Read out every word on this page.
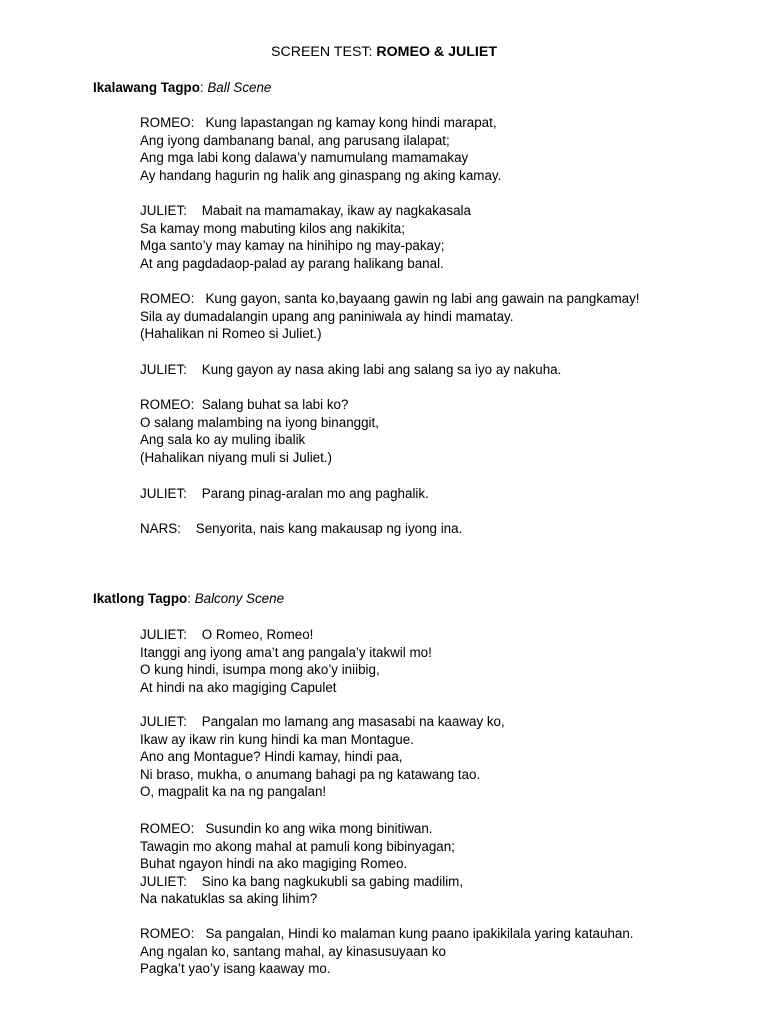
SCREEN TEST: ROMEO & JULIET
Ikalawang Tagpo: Ball Scene
ROMEO:   Kung lapastangan ng kamay kong hindi marapat,
Ang iyong dambanang banal, ang parusang ilalapat;
Ang mga labi kong dalawa’y namumulang mamamakay
Ay handang hagurin ng halik ang ginaspang ng aking kamay.
JULIET:    Mabait na mamamakay, ikaw ay nagkakasala
Sa kamay mong mabuting kilos ang nakikita;
Mga santo’y may kamay na hinihipo ng may-pakay;
At ang pagdadaop-palad ay parang halikang banal.
ROMEO:   Kung gayon, santa ko,bayaang gawin ng labi ang gawain na pangkamay!
Sila ay dumadalangin upang ang paniniwala ay hindi mamatay.
(Hahalikan ni Romeo si Juliet.)
JULIET:    Kung gayon ay nasa aking labi ang salang sa iyo ay nakuha.
ROMEO:  Salang buhat sa labi ko?
O salang malambing na iyong binanggit,
Ang sala ko ay muling ibalik
(Hahalikan niyang muli si Juliet.)
JULIET:    Parang pinag-aralan mo ang paghalik.
NARS:    Senyorita, nais kang makausap ng iyong ina.
Ikatlong Tagpo: Balcony Scene
JULIET:    O Romeo, Romeo!
Itanggi ang iyong ama’t ang pangala’y itakwil mo!
O kung hindi, isumpa mong ako’y iniibig,
At hindi na ako magiging Capulet
JULIET:    Pangalan mo lamang ang masasabi na kaaway ko,
Ikaw ay ikaw rin kung hindi ka man Montague.
Ano ang Montague? Hindi kamay, hindi paa,
Ni braso, mukha, o anumang bahagi pa ng katawang tao.
O, magpalit ka na ng pangalan!
ROMEO:   Susundin ko ang wika mong binitiwan.
Tawagin mo akong mahal at pamuli kong bibinyagan;
Buhat ngayon hindi na ako magiging Romeo.
JULIET:    Sino ka bang nagkukubli sa gabing madilim,
Na nakatuklas sa aking lihim?
ROMEO:   Sa pangalan, Hindi ko malaman kung paano ipakikilala yaring katauhan.
Ang ngalan ko, santang mahal, ay kinasusuyaan ko
Pagka’t yao’y isang kaaway mo.
